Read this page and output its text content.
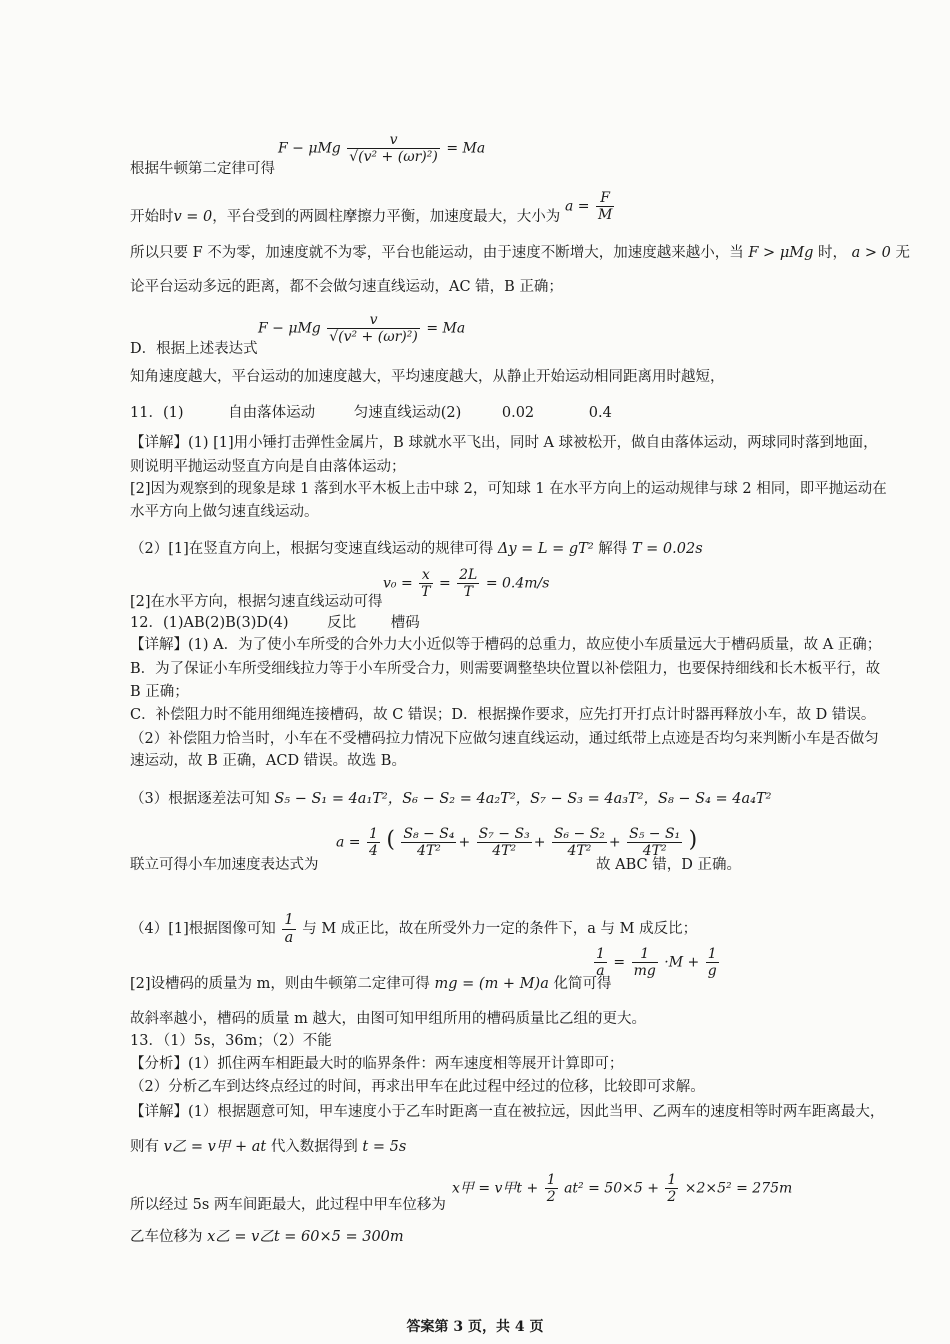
F − μMg $\frac{v}{\text{√(v² + (ωr)²)}} = Ma$
根据牛顿第二定律可得
开始时v = 0，平台受到的两圆柱摩擦力平衡，加速度最大，大小为
$a = \frac{F}{M}$
所以只要 F 不为零，加速度就不为零，平台也能运动，由于速度不断增大，加速度越来越小，当 F > μMg 时， a > 0 无
论平台运动多远的距离，都不会做匀速直线运动，AC 错，B 正确；
F − μMg $\frac{v}{\text{√(v² + (ωr)²)}} = Ma$
D．根据上述表达式
知角速度越大，平台运动的加速度越大，平均速度越大，从静止开始运动相同距离用时越短，
11．(1)	自由落体运动	匀速直线运动(2)	0.02	0.4
【详解】(1) [1]用小锤打击弹性金属片，B 球就水平飞出，同时 A 球被松开，做自由落体运动，两球同时落到地面，
则说明平抛运动竖直方向是自由落体运动；
[2]因为观察到的现象是球 1 落到水平木板上击中球 2，可知球 1 在水平方向上的运动规律与球 2 相同，即平抛运动在
水平方向上做匀速直线运动。
（2）[1]在竖直方向上，根据匀变速直线运动的规律可得 Δy = L = gT² 解得 T = 0.02s
$v_0 = \frac{x}{T} = \frac{2L}{T} = 0.4m/s$
[2]在水平方向，根据匀速直线运动可得
12．(1)AB(2)B(3)D(4)	反比 槽码
【详解】(1) A．为了使小车所受的合外力大小近似等于槽码的总重力，故应使小车质量远大于槽码质量，故 A 正确；
B．为了保证小车所受细线拉力等于小车所受合力，则需要调整垫块位置以补偿阻力，也要保持细线和长木板平行，故
B 正确；
C．补偿阻力时不能用细绳连接槽码，故 C 错误；D．根据操作要求，应先打开打点计时器再释放小车，故 D 错误。
（2）补偿阻力恰当时，小车在不受槽码拉力情况下应做匀速直线运动，通过纸带上点迹是否均匀来判断小车是否做匀
速运动，故 B 正确，ACD 错误。故选 B。
（3）根据逐差法可知 S₅ − S₁ = 4a₁T²，S₆ − S₂ = 4a₂T²，S₇ − S₃ = 4a₃T²，S₈ − S₄ = 4a₄T²
$a = \frac{1}{4}$ ( $\frac{\text{S₈ − S₄}}{\text{4T²}} + \frac{\text{S₇ − S₃}}{\text{4T²}} + \frac{\text{S₆ − S₂}}{\text{4T²}} + \frac{\text{S₅ − S₁}}{\text{4T²}}$ )
联立可得小车加速度表达式为	故 ABC 错，D 正确。
（4）[1]根据图像可知 $\frac{1}{a}$ 与 M 成正比，故在所受外力一定的条件下，a 与 M 成反比；
[2]设槽码的质量为 m，则由牛顿第二定律可得 mg = (m + M)a 化简可得
$\frac{1}{a} = \frac{1}{mg} \cdot M + \frac{1}{g}$
故斜率越小，槽码的质量 m 越大，由图可知甲组所用的槽码质量比乙组的更大。
13．（1）5s，36m；（2）不能
【分析】(1）抓住两车相距最大时的临界条件：两车速度相等展开计算即可；
（2）分析乙车到达终点经过的时间，再求出甲车在此过程中经过的位移，比较即可求解。
【详解】(1）根据题意可知，甲车速度小于乙车时距离一直在被拉远，因此当甲、乙两车的速度相等时两车距离最大，
则有 v乙 = v甲 + at 代入数据得到 t = 5s
x甲 = v甲$t + \frac{1}{2} at^2 = 50\times 5 + \frac{1}{2} \times 2\times 5^2 = 275m$
所以经过 5s 两车间距最大，此过程中甲车位移为
乙车位移为 x乙 = v乙t = 60×5 = 300m
答案第 3 页，共 4 页
